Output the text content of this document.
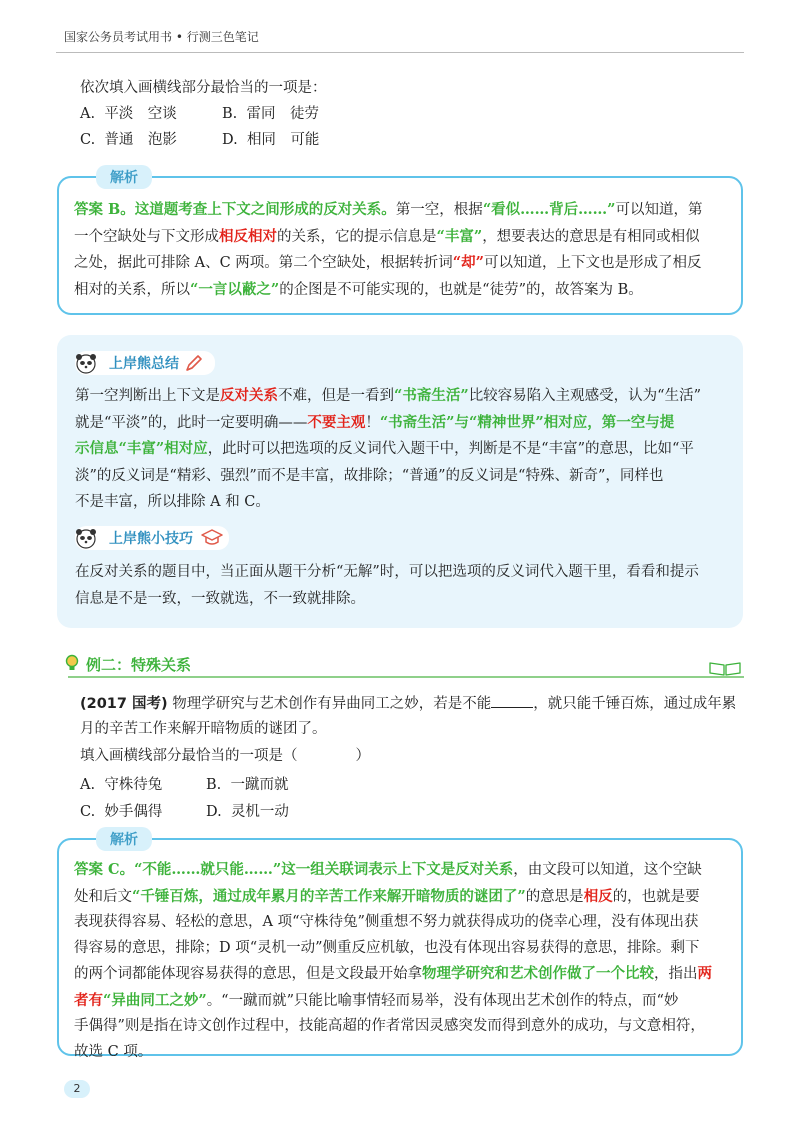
国家公务员考试用书 • 行测三色笔记
依次填入画横线部分最恰当的一项是：
A. 平淡　空谈	B. 雷同　徒劳
C. 普通　泡影	D. 相同　可能
解析
答案 B。这道题考查上下文之间形成的反对关系。第一空，根据“看似……背后……”可以知道，第
一个空缺处与下文形成相反相对的关系，它的提示信息是“丰富”，想要表达的意思是有相同或相似
之处，据此可排除 A、C 两项。第二个空缺处，根据转折词“却”可以知道，上下文也是形成了相反
相对的关系，所以“一言以蔽之”的企图是不可能实现的，也就是“徒劳”的，故答案为 B。
上岸熊总结
第一空判断出上下文是反对关系不难，但是一看到“书斋生活”比较容易陷入主观感受，认为“生活”
就是“平淡”的，此时一定要明确——不要主观！“书斋生活”与“精神世界”相对应，第一空与提
示信息“丰富”相对应，此时可以把选项的反义词代入题干中，判断是不是“丰富”的意思，比如“平
淡”的反义词是“精彩、强烈”而不是丰富，故排除；“普通”的反义词是“特殊、新奇”，同样也
不是丰富，所以排除 A 和 C。
上岸熊小技巧
在反对关系的题目中，当正面从题干分析“无解”时，可以把选项的反义词代入题干里，看看和提示
信息是不是一致，一致就选，不一致就排除。
例二：特殊关系
(2017 国考) 物理学研究与艺术创作有异曲同工之妙，若是不能	，就只能千锤百炼，通过成年累
月的辛苦工作来解开暗物质的谜团了。
填入画横线部分最恰当的一项是（　　　　）
A. 守株待兔	B. 一蹴而就
C. 妙手偶得	D. 灵机一动
解析
答案 C。“不能……就只能……”这一组关联词表示上下文是反对关系，由文段可以知道，这个空缺
处和后文“千锤百炼，通过成年累月的辛苦工作来解开暗物质的谜团了”的意思是相反的，也就是要
表现获得容易、轻松的意思，A 项“守株待兔”侧重想不努力就获得成功的侥幸心理，没有体现出获
得容易的意思，排除；D 项“灵机一动”侧重反应机敏，也没有体现出容易获得的意思，排除。剩下
的两个词都能体现容易获得的意思，但是文段最开始拿物理学研究和艺术创作做了一个比较，指出两
者有“异曲同工之妙”。“一蹴而就”只能比喻事情轻而易举，没有体现出艺术创作的特点，而“妙
手偶得”则是指在诗文创作过程中，技能高超的作者常因灵感突发而得到意外的成功，与文意相符，
故选 C 项。
2
